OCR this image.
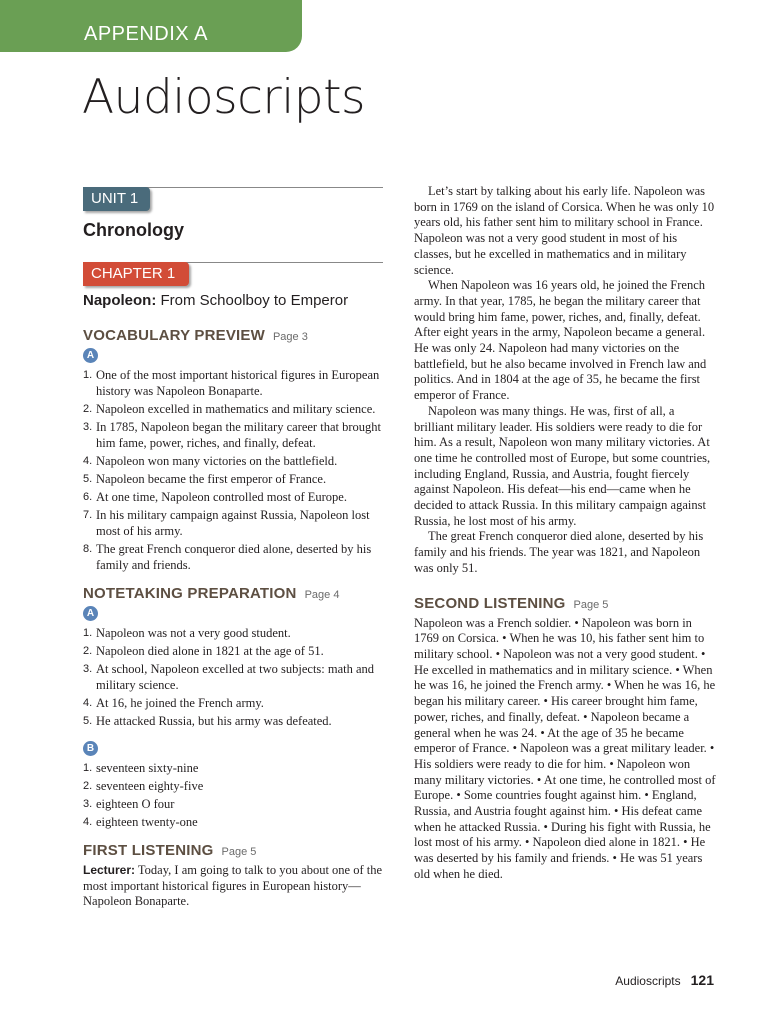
APPENDIX A
Audioscripts
UNIT 1
Chronology
CHAPTER 1
Napoleon: From Schoolboy to Emperor
VOCABULARY PREVIEW Page 3
A
1. One of the most important historical figures in European history was Napoleon Bonaparte.
2. Napoleon excelled in mathematics and military science.
3. In 1785, Napoleon began the military career that brought him fame, power, riches, and finally, defeat.
4. Napoleon won many victories on the battlefield.
5. Napoleon became the first emperor of France.
6. At one time, Napoleon controlled most of Europe.
7. In his military campaign against Russia, Napoleon lost most of his army.
8. The great French conqueror died alone, deserted by his family and friends.
NOTETAKING PREPARATION Page 4
A
1. Napoleon was not a very good student.
2. Napoleon died alone in 1821 at the age of 51.
3. At school, Napoleon excelled at two subjects: math and military science.
4. At 16, he joined the French army.
5. He attacked Russia, but his army was defeated.
B
1. seventeen sixty-nine
2. seventeen eighty-five
3. eighteen O four
4. eighteen twenty-one
FIRST LISTENING Page 5

Lecturer: Today, I am going to talk to you about one of the most important historical figures in European history—Napoleon Bonaparte.

Let’s start by talking about his early life. Napoleon was born in 1769 on the island of Corsica. When he was only 10 years old, his father sent him to military school in France. Napoleon was not a very good student in most of his classes, but he excelled in mathematics and in military science.

When Napoleon was 16 years old, he joined the French army. In that year, 1785, he began the military career that would bring him fame, power, riches, and, finally, defeat. After eight years in the army, Napoleon became a general. He was only 24. Napoleon had many victories on the battlefield, but he also became involved in French law and politics. And in 1804 at the age of 35, he became the first emperor of France.

Napoleon was many things. He was, first of all, a brilliant military leader. His soldiers were ready to die for him. As a result, Napoleon won many military victories. At one time he controlled most of Europe, but some countries, including England, Russia, and Austria, fought fiercely against Napoleon. His defeat—his end—came when he decided to attack Russia. In this military campaign against Russia, he lost most of his army.

The great French conqueror died alone, deserted by his family and his friends. The year was 1821, and Napoleon was only 51.

SECOND LISTENING Page 5

Napoleon was a French soldier. • Napoleon was born in 1769 on Corsica. • When he was 10, his father sent him to military school. • Napoleon was not a very good student. • He excelled in mathematics and in military science. • When he was 16, he joined the French army. • When he was 16, he began his military career. • His career brought him fame, power, riches, and finally, defeat. • Napoleon became a general when he was 24. • At the age of 35 he became emperor of France. • Napoleon was a great military leader. • His soldiers were ready to die for him. • Napoleon won many military victories. • At one time, he controlled most of Europe. • Some countries fought against him. • England, Russia, and Austria fought against him. • His defeat came when he attacked Russia. • During his fight with Russia, he lost most of his army. • Napoleon died alone in 1821. • He was deserted by his family and friends. • He was 51 years old when he died.

Audioscripts 121
